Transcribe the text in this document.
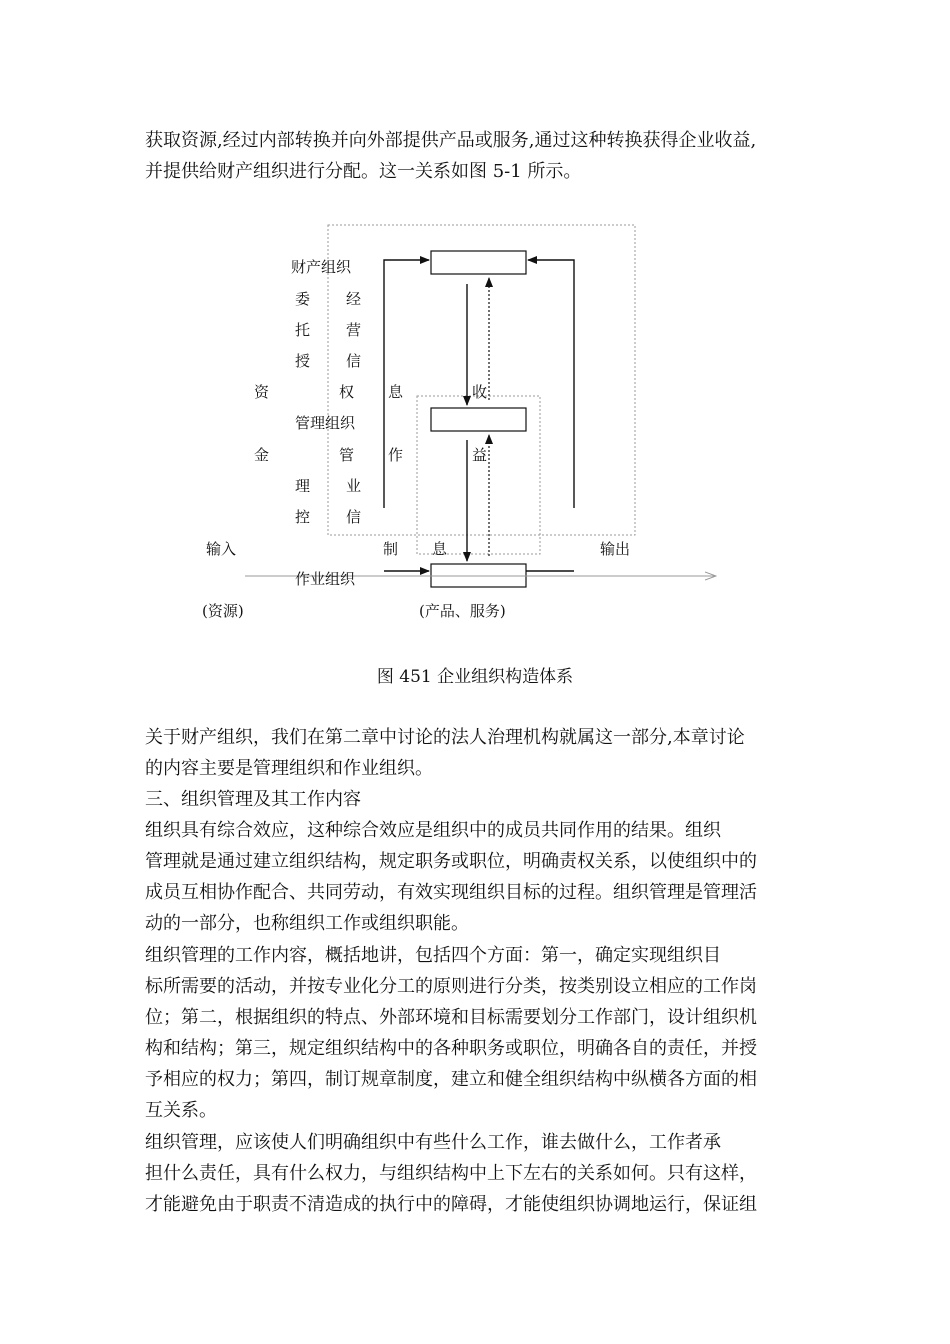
获取资源,经过内部转换并向外部提供产品或服务,通过这种转换获得企业收益,
并提供给财产组织进行分配。这一关系如图 5-1 所示。
财产组织
管理组织
作业组织
输入	输出
(资源)	(产品、服务)
资
金
委
托
授
权
管
理
控
制
经
营
信
息
作
业
信
息
收
益
图 451 企业组织构造体系
关于财产组织，我们在第二章中讨论的法人治理机构就属这一部分,本章讨论
的内容主要是管理组织和作业组织。
三、组织管理及其工作内容
组织具有综合效应，这种综合效应是组织中的成员共同作用的结果。组织
管理就是通过建立组织结构，规定职务或职位，明确责权关系，以使组织中的
成员互相协作配合、共同劳动，有效实现组织目标的过程。组织管理是管理活
动的一部分，也称组织工作或组织职能。
组织管理的工作内容，概括地讲，包括四个方面：第一，确定实现组织目
标所需要的活动，并按专业化分工的原则进行分类，按类别设立相应的工作岗
位；第二，根据组织的特点、外部环境和目标需要划分工作部门，设计组织机
构和结构；第三，规定组织结构中的各种职务或职位，明确各自的责任，并授
予相应的权力；第四，制订规章制度，建立和健全组织结构中纵横各方面的相
互关系。
组织管理，应该使人们明确组织中有些什么工作，谁去做什么，工作者承
担什么责任，具有什么权力，与组织结构中上下左右的关系如何。只有这样，
才能避免由于职责不清造成的执行中的障碍，才能使组织协调地运行，保证组
